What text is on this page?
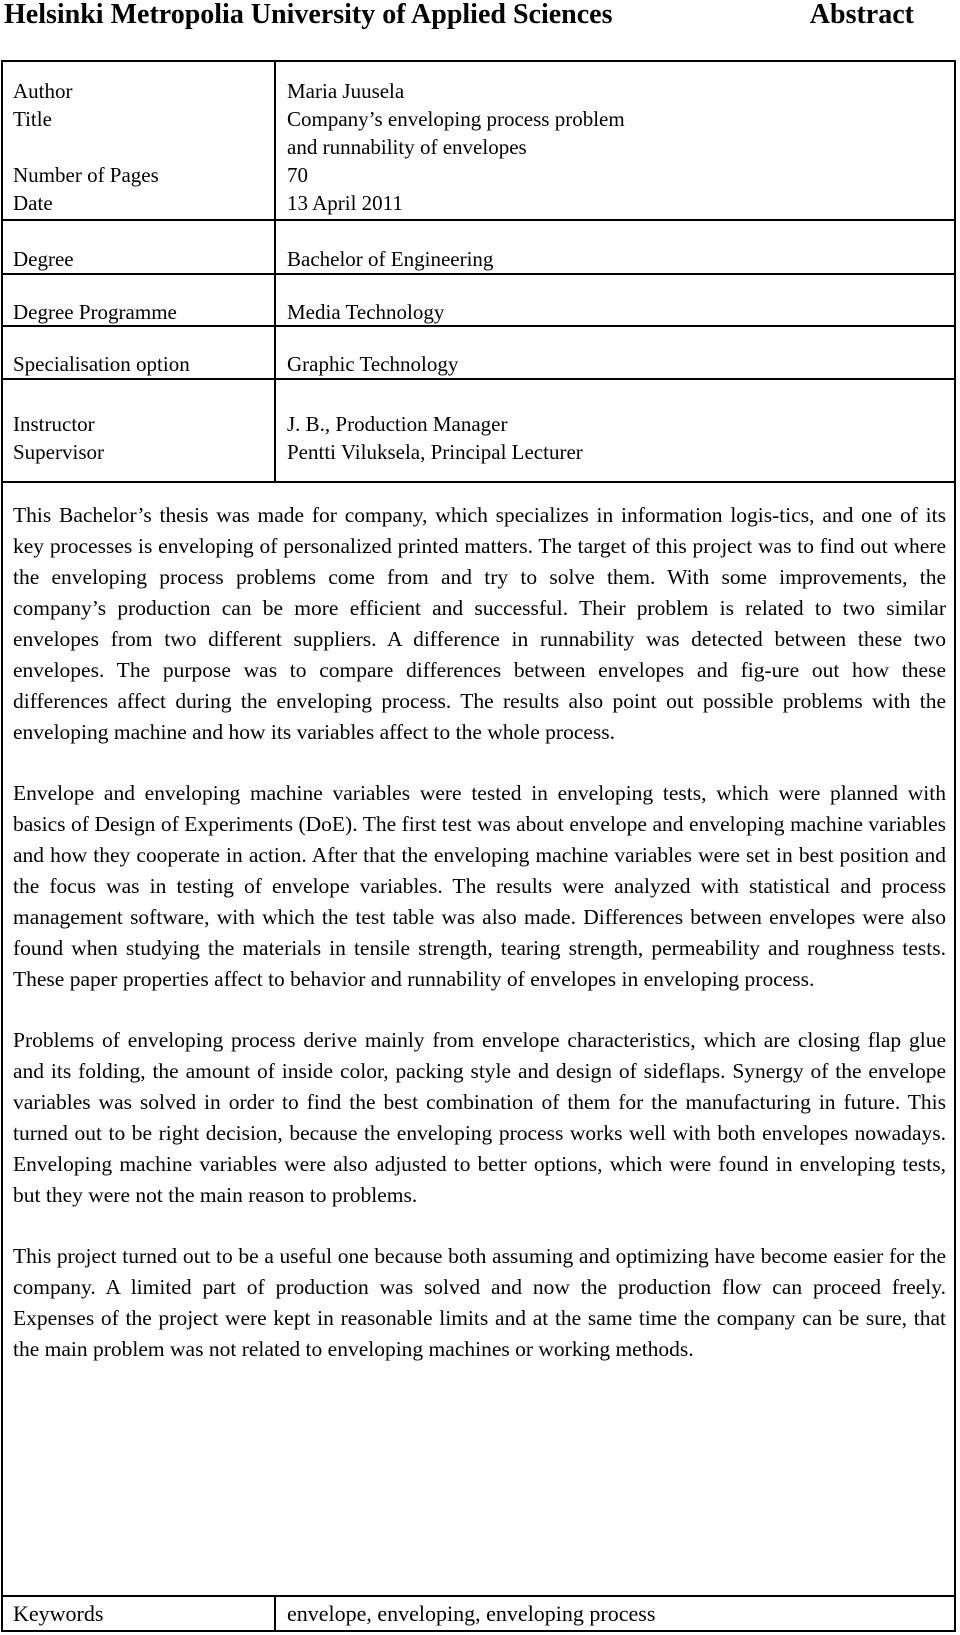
Helsinki Metropolia University of Applied Sciences	Abstract
Author	Maria Juusela
Title	Company’s enveloping process problem
and runnability of envelopes
Number of Pages	70
Date	13 April 2011
Degree	Bachelor of Engineering
Degree Programme	Media Technology
Specialisation option	Graphic Technology
Instructor	J. B., Production Manager
Supervisor	Pentti Viluksela, Principal Lecturer

This Bachelor’s thesis was made for company, which specializes in information logis-tics, and one of its key processes is enveloping of personalized printed matters. The target of this project was to find out where the enveloping process problems come from and try to solve them. With some improvements, the company’s production can be more efficient and successful. Their problem is related to two similar envelopes from two different suppliers. A difference in runnability was detected between these two envelopes. The purpose was to compare differences between envelopes and fig-ure out how these differences affect during the enveloping process. The results also point out possible problems with the enveloping machine and how its variables affect to the whole process.

Envelope and enveloping machine variables were tested in enveloping tests, which were planned with basics of Design of Experiments (DoE). The first test was about envelope and enveloping machine variables and how they cooperate in action. After that the enveloping machine variables were set in best position and the focus was in testing of envelope variables. The results were analyzed with statistical and process management software, with which the test table was also made. Differences between envelopes were also found when studying the materials in tensile strength, tearing strength, permeability and roughness tests. These paper properties affect to behavior and runnability of envelopes in enveloping process.

Problems of enveloping process derive mainly from envelope characteristics, which are closing flap glue and its folding, the amount of inside color, packing style and design of sideflaps. Synergy of the envelope variables was solved in order to find the best combination of them for the manufacturing in future. This turned out to be right decision, because the enveloping process works well with both envelopes nowadays. Enveloping machine variables were also adjusted to better options, which were found in enveloping tests, but they were not the main reason to problems.

This project turned out to be a useful one because both assuming and optimizing have become easier for the company. A limited part of production was solved and now the production flow can proceed freely. Expenses of the project were kept in reasonable limits and at the same time the company can be sure, that the main problem was not related to enveloping machines or working methods.

Keywords	envelope, enveloping, enveloping process
